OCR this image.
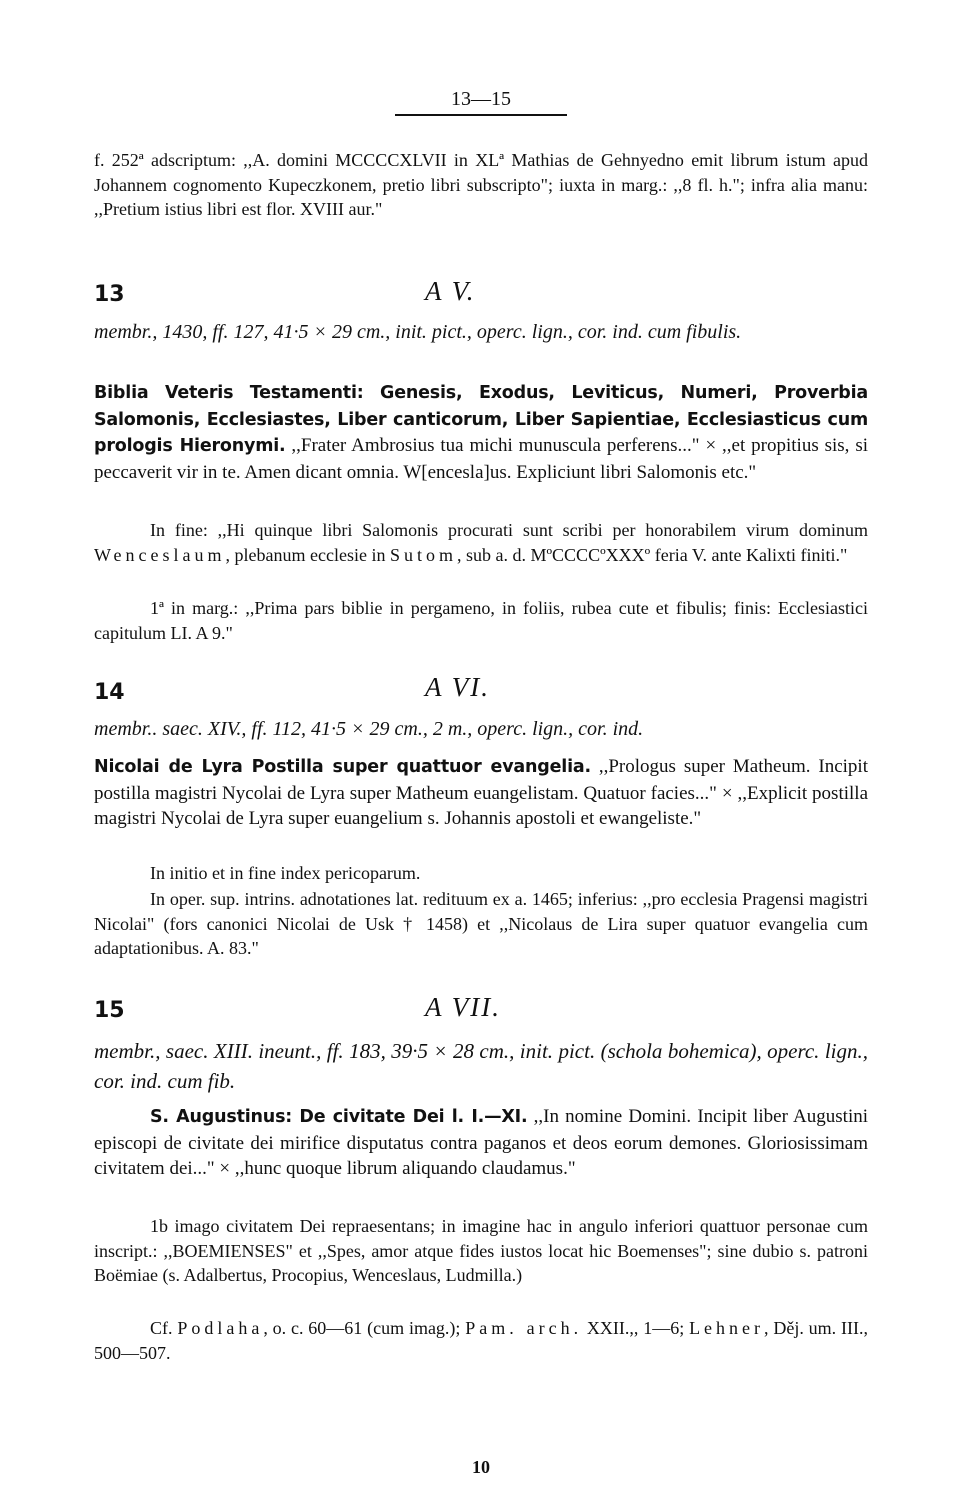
13—15

f. 252ª adscriptum: ,,A. domini MCCCCXLVII in XLª Mathias de Gehnyedno emit librum istum apud Johannem cognomento Kupeczkonem, pretio libri subscripto"; iuxta in marg.: ,,8 fl. h."; infra alia manu: ,,Pretium istius libri est flor. XVIII aur."

13	A V.

membr., 1430, ff. 127, 41·5 × 29 cm., init. pict., operc. lign., cor. ind. cum fibulis.

Biblia Veteris Testamenti: Genesis, Exodus, Leviticus, Numeri, Proverbia Salomonis, Ecclesiastes, Liber canticorum, Liber Sapientiae, Ecclesiasticus cum prologis Hieronymi. ,,Frater Ambrosius tua michi munuscula perferens..." × ,,et propitius sis, si peccaverit vir in te. Amen dicant omnia. W[encesla]us. Expliciunt libri Salomonis etc."

In fine: ,,Hi quinque libri Salomonis procurati sunt scribi per honorabilem virum dominum Wenceslaum, plebanum ecclesie in Sutom, sub a. d. MºCCCCºXXXº feria V. ante Kalixti finiti."

1ª in marg.: ,,Prima pars biblie in pergameno, in foliis, rubea cute et fibulis; finis: Ecclesiastici capitulum LI. A 9."

14	A VI.

membr.. saec. XIV., ff. 112, 41·5 × 29 cm., 2 m., operc. lign., cor. ind.

Nicolai de Lyra Postilla super quattuor evangelia. ,,Prologus super Matheum. Incipit postilla magistri Nycolai de Lyra super Matheum euangelistam. Quatuor facies..." × ,,Explicit postilla magistri Nycolai de Lyra super euangelium s. Johannis apostoli et ewangeliste."

In initio et in fine index pericoparum.

In oper. sup. intrins. adnotationes lat. redituum ex a. 1465; inferius: ,,pro ecclesia Pragensi magistri Nicolai" (fors canonici Nicolai de Usk † 1458) et ,,Nicolaus de Lira super quatuor evangelia cum adaptationibus. A. 83."

15	A VII.

membr., saec. XIII. ineunt., ff. 183, 39·5 × 28 cm., init. pict. (schola bohemica), operc. lign., cor. ind. cum fib.

S. Augustinus: De civitate Dei l. I.—XI. ,,In nomine Domini. Incipit liber Augustini episcopi de civitate dei mirifice disputatus contra paganos et deos eorum demones. Gloriosissimam civitatem dei..." × ,,hunc quoque librum aliquando claudamus."

1b imago civitatem Dei repraesentans; in imagine hac in angulo inferiori quattuor personae cum inscript.: ,,BOEMIENSES" et ,,Spes, amor atque fides iustos locat hic Boemenses"; sine dubio s. patroni Boëmiae (s. Adalbertus, Procopius, Wenceslaus, Ludmilla.)

Cf. Podlaha, o. c. 60—61 (cum imag.); Pam. arch. XXII.,, 1—6; Lehner, Děj. um. III., 500—507.

10
